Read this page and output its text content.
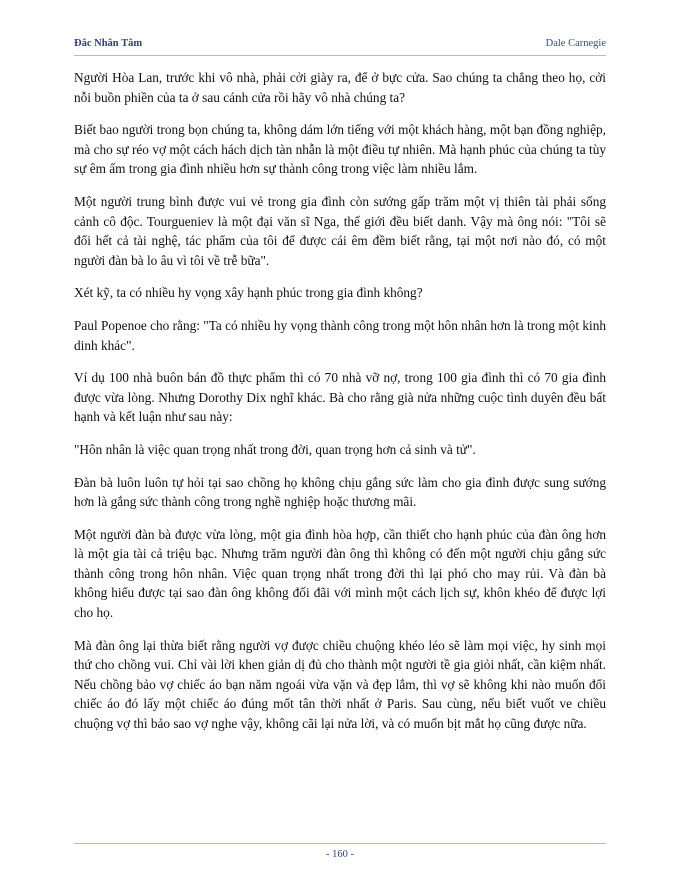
Đắc Nhân Tâm	Dale Carnegie

Người Hòa Lan, trước khi vô nhà, phải cởi giày ra, để ở bực cửa. Sao chúng ta chẳng theo họ, cởi nỗi buồn phiền của ta ở sau cánh cửa rồi hãy vô nhà chúng ta?

Biết bao người trong bọn chúng ta, không dám lớn tiếng với một khách hàng, một bạn đồng nghiệp, mà cho sự réo vợ một cách hách dịch tàn nhẫn là một điều tự nhiên. Mà hạnh phúc của chúng ta tùy sự êm ấm trong gia đình nhiều hơn sự thành công trong việc làm nhiều lắm.

Một người trung bình được vui vẻ trong gia đình còn sướng gấp trăm một vị thiên tài phải sống cảnh cô độc. Tourgueniev là một đại văn sĩ Nga, thế giới đều biết danh. Vậy mà ông nói: "Tôi sẽ đổi hết cả tài nghệ, tác phẩm của tôi để được cái êm đềm biết rằng, tại một nơi nào đó, có một người đàn bà lo âu vì tôi về trễ bữa".

Xét kỹ, ta có nhiều hy vọng xây hạnh phúc trong gia đình không?

Paul Popenoe cho rằng: "Ta có nhiều hy vọng thành công trong một hôn nhân hơn là trong một kinh dinh khác".

Ví dụ 100 nhà buôn bán đồ thực phẩm thì có 70 nhà vỡ nợ, trong 100 gia đình thì có 70 gia đình được vừa lòng. Nhưng Dorothy Dix nghĩ khác. Bà cho rằng già nửa những cuộc tình duyên đều bất hạnh và kết luận như sau này:

"Hôn nhân là việc quan trọng nhất trong đời, quan trọng hơn cả sinh và tử".

Đàn bà luôn luôn tự hỏi tại sao chồng họ không chịu gắng sức làm cho gia đình được sung sướng hơn là gắng sức thành công trong nghề nghiệp hoặc thương mãi.

Một người đàn bà được vừa lòng, một gia đình hòa hợp, cần thiết cho hạnh phúc của đàn ông hơn là một gia tài cả triệu bạc. Nhưng trăm người đàn ông thì không có đến một người chịu gắng sức thành công trong hôn nhân. Việc quan trọng nhất trong đời thì lại phó cho may rủi. Và đàn bà không hiểu được tại sao đàn ông không đối đãi với mình một cách lịch sự, khôn khéo để được lợi cho họ.

Mà đàn ông lại thừa biết rằng người vợ được chiều chuộng khéo léo sẽ làm mọi việc, hy sinh mọi thứ cho chồng vui. Chỉ vài lời khen giản dị đủ cho thành một người tề gia giỏi nhất, cần kiệm nhất. Nếu chồng bảo vợ chiếc áo bạn năm ngoái vừa vặn và đẹp lắm, thì vợ sẽ không khi nào muốn đổi chiếc áo đó lấy một chiếc áo đúng mốt tân thời nhất ở Paris. Sau cùng, nếu biết vuốt ve chiều chuộng vợ thì bảo sao vợ nghe vậy, không cãi lại nửa lời, và có muốn bịt mắt họ cũng được nữa.

- 160 -
